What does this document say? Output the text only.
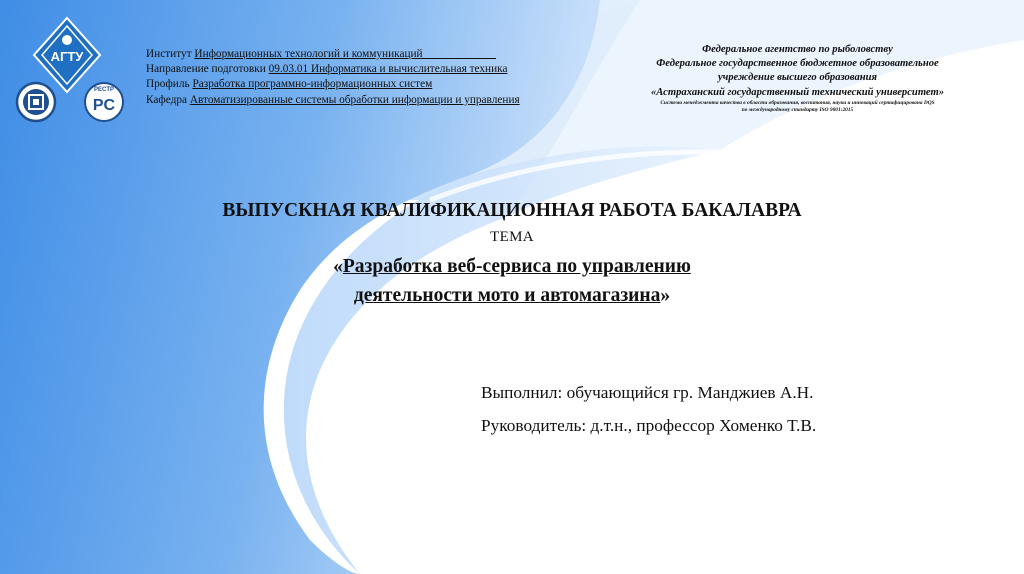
АГТУ
PECTP
PC
Институт Информационных технологий и коммуникаций
Направление подготовки 09.03.01 Информатика и вычислительная техника
Профиль Разработка программно-информационных систем
Кафедра Автоматизированные системы обработки информации и управления
Федеральное агентство по рыболовству
Федеральное государственное бюджетное образовательное
учреждение высшего образования
«Астраханский государственный технический университет»
Система менеджмента качества в области образования, воспитания, науки и инноваций сертифицирована DQS
по международному стандарту ISO 9001:2015
ВЫПУСКНАЯ КВАЛИФИКАЦИОННАЯ РАБОТА БАКАЛАВРА
ТЕМА
«Разработка веб-сервиса по управлению
деятельности мото и автомагазина»
Выполнил: обучающийся гр. Манджиев А.Н.
Руководитель: д.т.н., профессор Хоменко Т.В.
